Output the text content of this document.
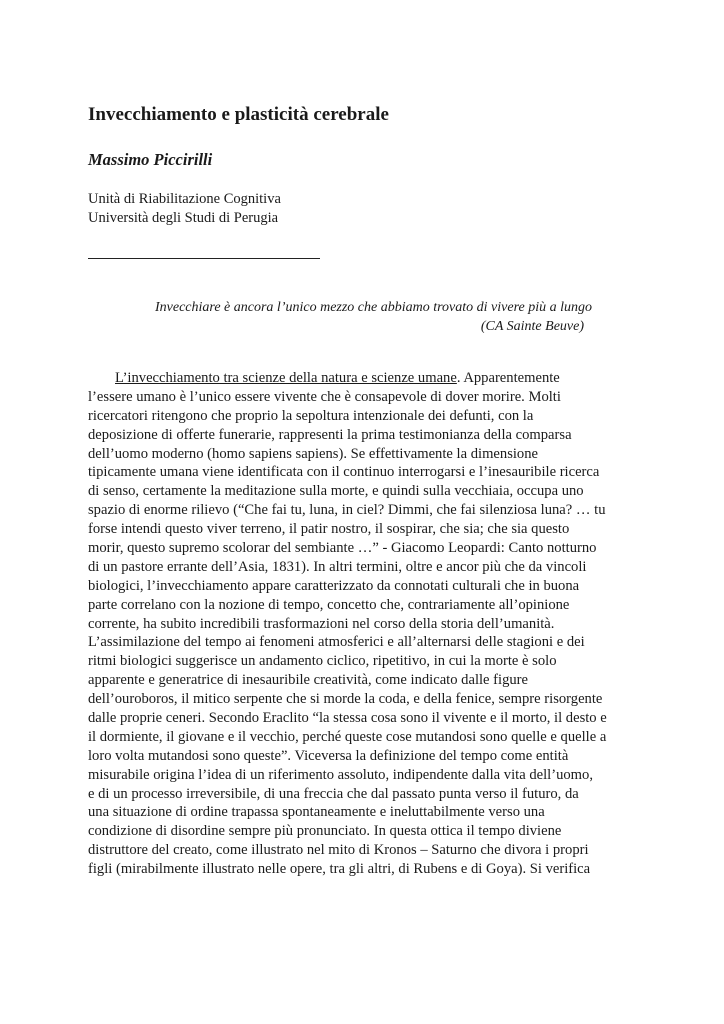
Invecchiamento e plasticità cerebrale
Massimo Piccirilli
Unità di Riabilitazione Cognitiva
Università degli Studi di Perugia
Invecchiare è ancora l’unico mezzo che abbiamo trovato di vivere più a lungo
(CA Sainte Beuve)
L’invecchiamento tra scienze della natura e scienze umane. Apparentemente
l’essere umano è l’unico essere vivente che è consapevole di dover morire. Molti
ricercatori ritengono che proprio la sepoltura intenzionale dei defunti, con la
deposizione di offerte funerarie, rappresenti la prima testimonianza della comparsa
dell’uomo moderno (homo sapiens sapiens). Se effettivamente la dimensione
tipicamente umana viene identificata con il continuo interrogarsi e l’inesauribile ricerca
di senso, certamente la meditazione sulla morte, e quindi sulla vecchiaia, occupa uno
spazio di enorme rilievo (“Che fai tu, luna, in ciel? Dimmi, che fai silenziosa luna? … tu
forse intendi questo viver terreno, il patir nostro, il sospirar, che sia; che sia questo
morir, questo supremo scolorar del sembiante …” - Giacomo Leopardi: Canto notturno
di un pastore errante dell’Asia, 1831). In altri termini, oltre e ancor più che da vincoli
biologici, l’invecchiamento appare caratterizzato da connotati culturali che in buona
parte correlano con la nozione di tempo, concetto che, contrariamente all’opinione
corrente, ha subito incredibili trasformazioni nel corso della storia dell’umanità.
L’assimilazione del tempo ai fenomeni atmosferici e all’alternarsi delle stagioni e dei
ritmi biologici suggerisce un andamento ciclico, ripetitivo, in cui la morte è solo
apparente e generatrice di inesauribile creatività, come indicato dalle figure
dell’ouroboros, il mitico serpente che si morde la coda, e della fenice, sempre risorgente
dalle proprie ceneri. Secondo Eraclito “la stessa cosa sono il vivente e il morto, il desto e
il dormiente, il giovane e il vecchio, perché queste cose mutandosi sono quelle e quelle a
loro volta mutandosi sono queste”. Viceversa la definizione del tempo come entità
misurabile origina l’idea di un riferimento assoluto, indipendente dalla vita dell’uomo,
e di un processo irreversibile, di una freccia che dal passato punta verso il futuro, da
una situazione di ordine trapassa spontaneamente e ineluttabilmente verso una
condizione di disordine sempre più pronunciato. In questa ottica il tempo diviene
distruttore del creato, come illustrato nel mito di Kronos – Saturno che divora i propri
figli (mirabilmente illustrato nelle opere, tra gli altri, di Rubens e di Goya). Si verifica
